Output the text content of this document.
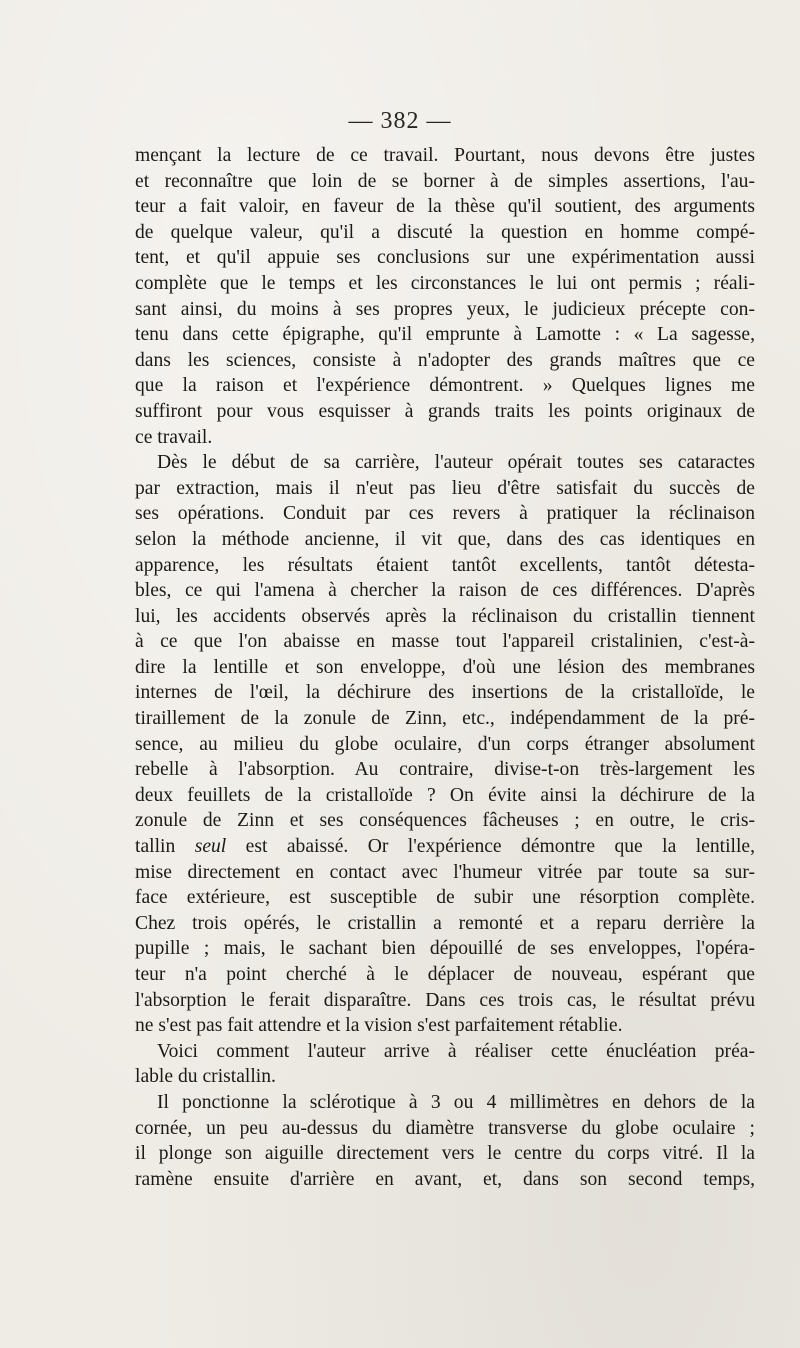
— 382 —
mençant la lecture de ce travail. Pourtant, nous devons être justes
et reconnaître que loin de se borner à de simples assertions, l'au-
teur a fait valoir, en faveur de la thèse qu'il soutient, des arguments
de quelque valeur, qu'il a discuté la question en homme compé-
tent, et qu'il appuie ses conclusions sur une expérimentation aussi
complète que le temps et les circonstances le lui ont permis ; réali-
sant ainsi, du moins à ses propres yeux, le judicieux précepte con-
tenu dans cette épigraphe, qu'il emprunte à Lamotte : « La sagesse,
dans les sciences, consiste à n'adopter des grands maîtres que ce
que la raison et l'expérience démontrent. » Quelques lignes me
suffiront pour vous esquisser à grands traits les points originaux de
ce travail.
Dès le début de sa carrière, l'auteur opérait toutes ses cataractes
par extraction, mais il n'eut pas lieu d'être satisfait du succès de
ses opérations. Conduit par ces revers à pratiquer la réclinaison
selon la méthode ancienne, il vit que, dans des cas identiques en
apparence, les résultats étaient tantôt excellents, tantôt détesta-
bles, ce qui l'amena à chercher la raison de ces différences. D'après
lui, les accidents observés après la réclinaison du cristallin tiennent
à ce que l'on abaisse en masse tout l'appareil cristalinien, c'est-à-
dire la lentille et son enveloppe, d'où une lésion des membranes
internes de l'œil, la déchirure des insertions de la cristalloïde, le
tiraillement de la zonule de Zinn, etc., indépendamment de la pré-
sence, au milieu du globe oculaire, d'un corps étranger absolument
rebelle à l'absorption. Au contraire, divise-t-on très-largement les
deux feuillets de la cristalloïde ? On évite ainsi la déchirure de la
zonule de Zinn et ses conséquences fâcheuses ; en outre, le cris-
tallin seul est abaissé. Or l'expérience démontre que la lentille,
mise directement en contact avec l'humeur vitrée par toute sa sur-
face extérieure, est susceptible de subir une résorption complète.
Chez trois opérés, le cristallin a remonté et a reparu derrière la
pupille ; mais, le sachant bien dépouillé de ses enveloppes, l'opéra-
teur n'a point cherché à le déplacer de nouveau, espérant que
l'absorption le ferait disparaître. Dans ces trois cas, le résultat prévu
ne s'est pas fait attendre et la vision s'est parfaitement rétablie.
Voici comment l'auteur arrive à réaliser cette énucléation préa-
lable du cristallin.
Il ponctionne la sclérotique à 3 ou 4 millimètres en dehors de la
cornée, un peu au-dessus du diamètre transverse du globe oculaire ;
il plonge son aiguille directement vers le centre du corps vitré. Il la
ramène ensuite d'arrière en avant, et, dans son second temps,
